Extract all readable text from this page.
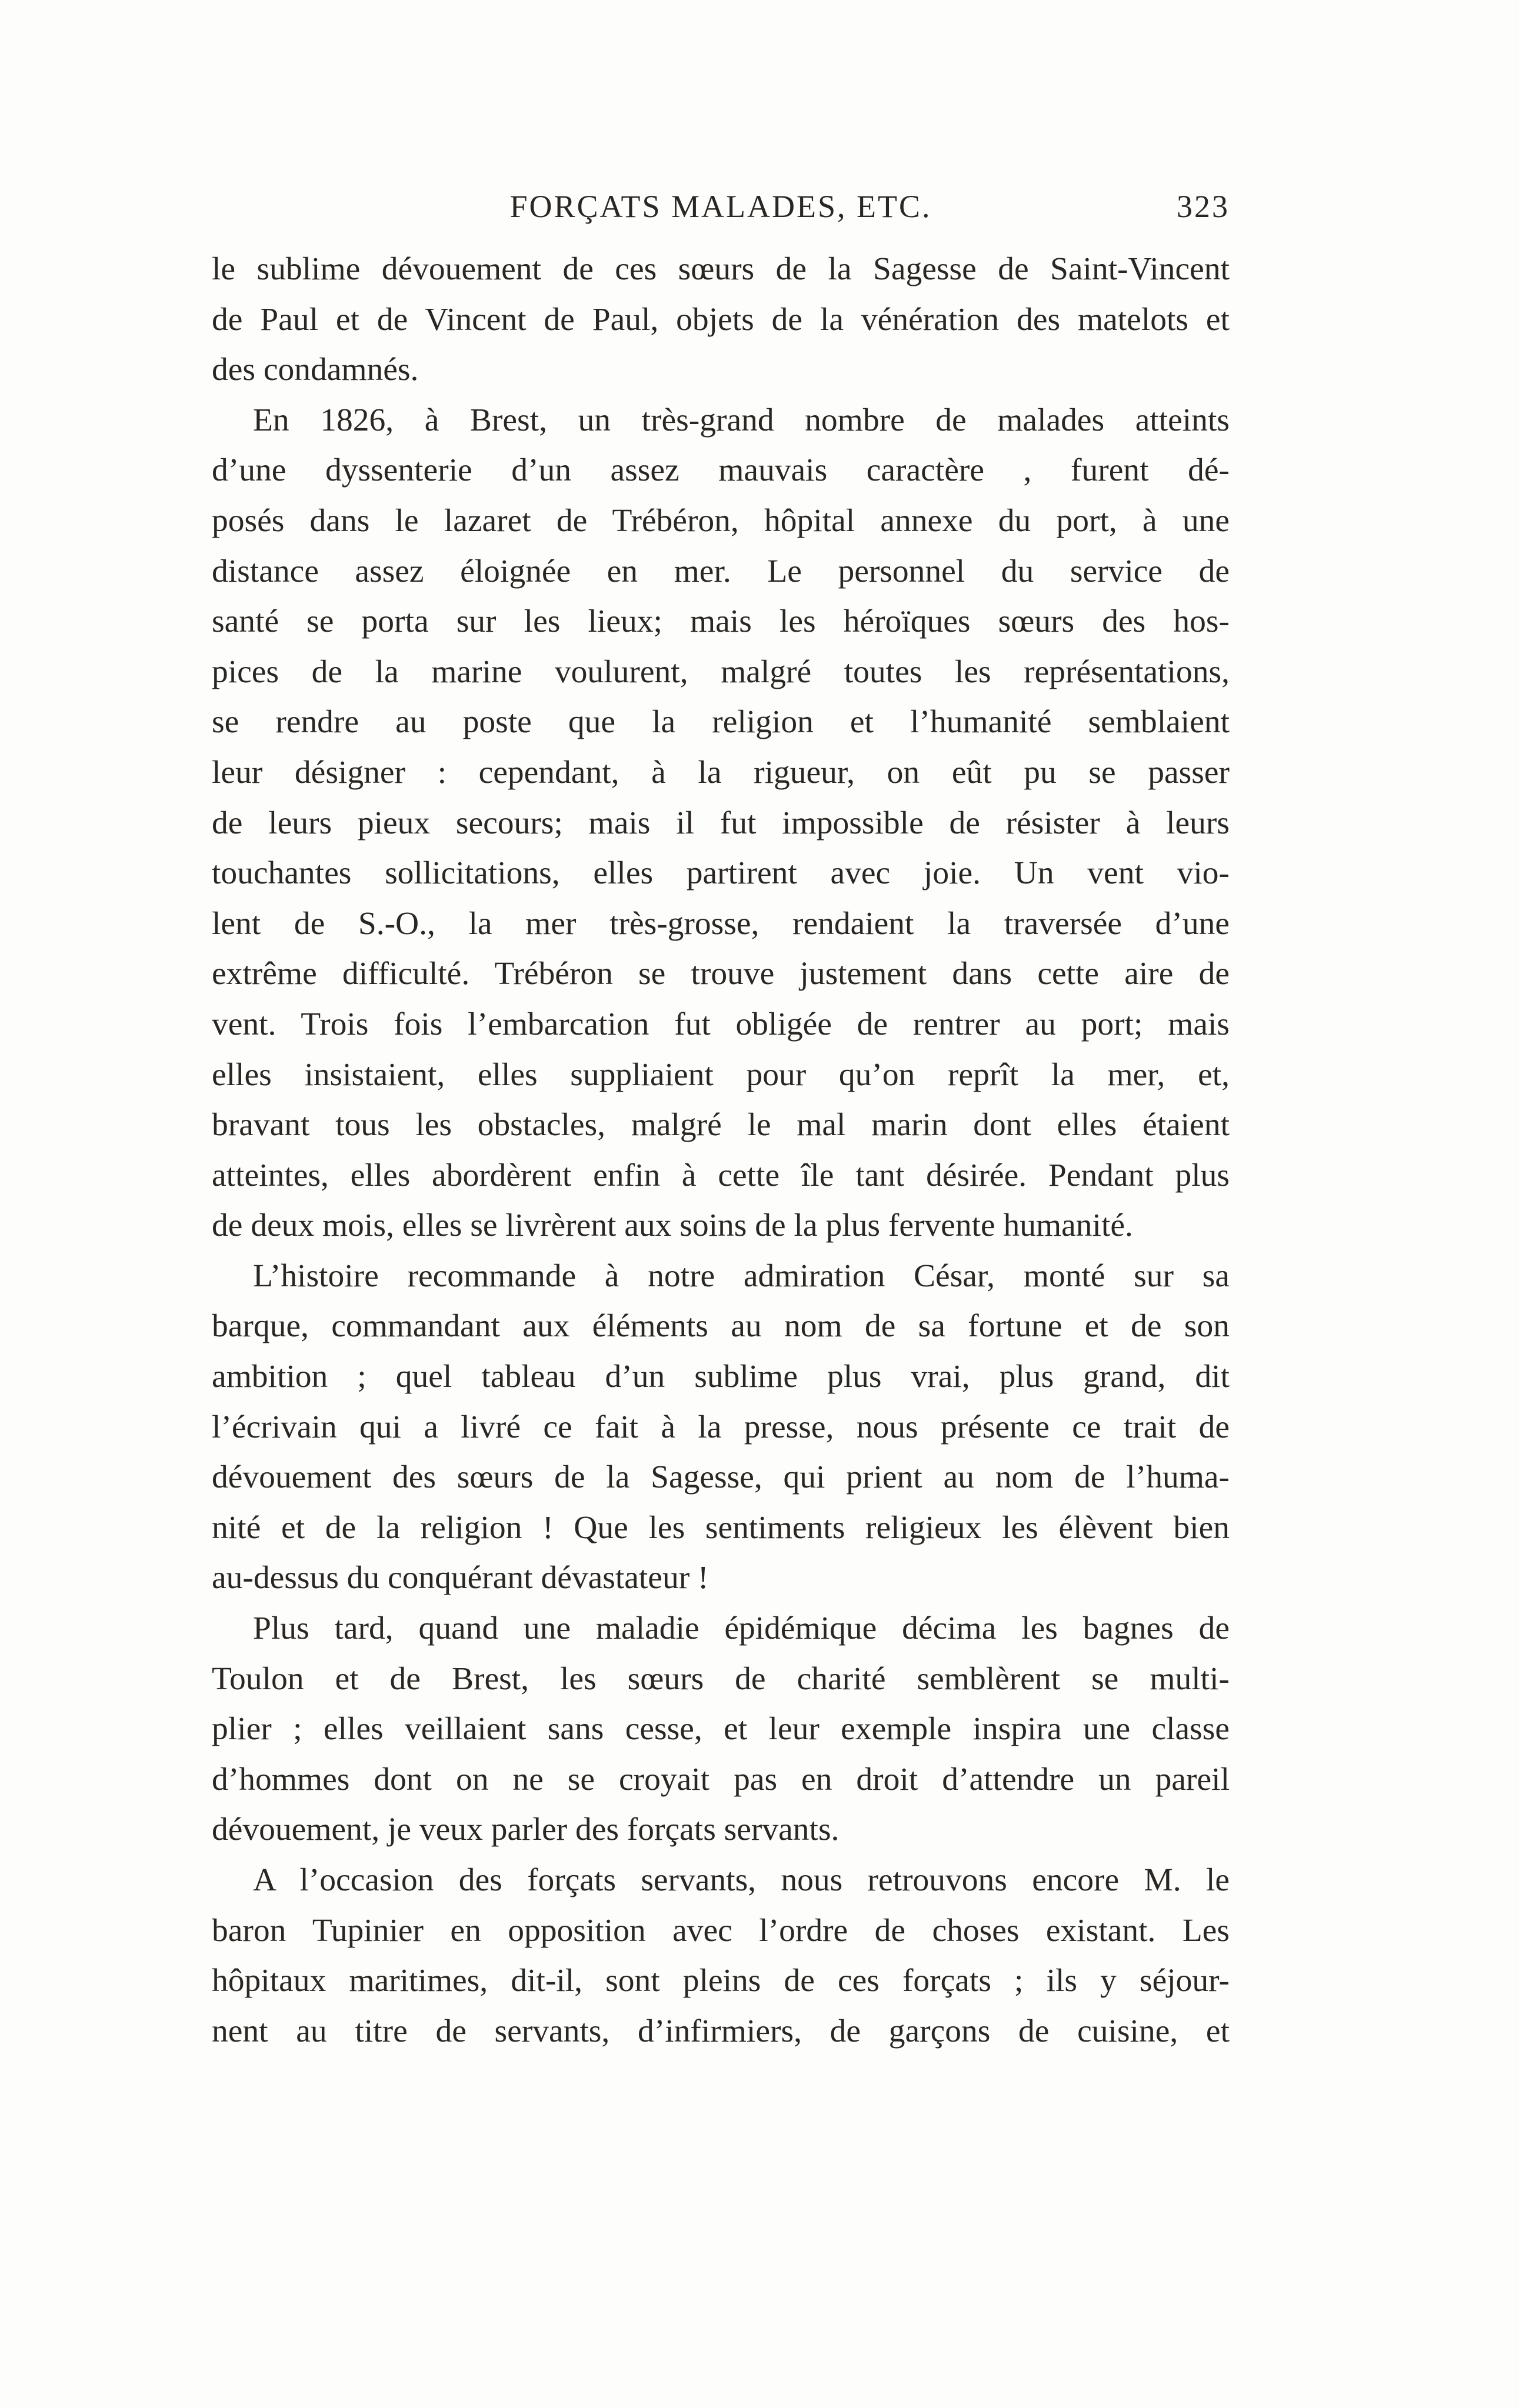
FORÇATS MALADES, ETC.	323
le sublime dévouement de ces sœurs de la Sagesse de Saint-Vincent
de Paul et de Vincent de Paul, objets de la vénération des matelots et
des condamnés.
En 1826, à Brest, un très-grand nombre de malades atteints
d’une dyssenterie d’un assez mauvais caractère , furent dé-
posés dans le lazaret de Trébéron, hôpital annexe du port, à une
distance assez éloignée en mer. Le personnel du service de
santé se porta sur les lieux; mais les héroïques sœurs des hos-
pices de la marine voulurent, malgré toutes les représentations,
se rendre au poste que la religion et l’humanité semblaient
leur désigner : cependant, à la rigueur, on eût pu se passer
de leurs pieux secours; mais il fut impossible de résister à leurs
touchantes sollicitations, elles partirent avec joie. Un vent vio-
lent de S.-O., la mer très-grosse, rendaient la traversée d’une
extrême difficulté. Trébéron se trouve justement dans cette aire de
vent. Trois fois l’embarcation fut obligée de rentrer au port; mais
elles insistaient, elles suppliaient pour qu’on reprît la mer, et,
bravant tous les obstacles, malgré le mal marin dont elles étaient
atteintes, elles abordèrent enfin à cette île tant désirée. Pendant plus
de deux mois, elles se livrèrent aux soins de la plus fervente humanité.
L’histoire recommande à notre admiration César, monté sur sa
barque, commandant aux éléments au nom de sa fortune et de son
ambition ; quel tableau d’un sublime plus vrai, plus grand, dit
l’écrivain qui a livré ce fait à la presse, nous présente ce trait de
dévouement des sœurs de la Sagesse, qui prient au nom de l’huma-
nité et de la religion ! Que les sentiments religieux les élèvent bien
au-dessus du conquérant dévastateur !
Plus tard, quand une maladie épidémique décima les bagnes de
Toulon et de Brest, les sœurs de charité semblèrent se multi-
plier ; elles veillaient sans cesse, et leur exemple inspira une classe
d’hommes dont on ne se croyait pas en droit d’attendre un pareil
dévouement, je veux parler des forçats servants.
A l’occasion des forçats servants, nous retrouvons encore M. le
baron Tupinier en opposition avec l’ordre de choses existant. Les
hôpitaux maritimes, dit-il, sont pleins de ces forçats ; ils y séjour-
nent au titre de servants, d’infirmiers, de garçons de cuisine, et
